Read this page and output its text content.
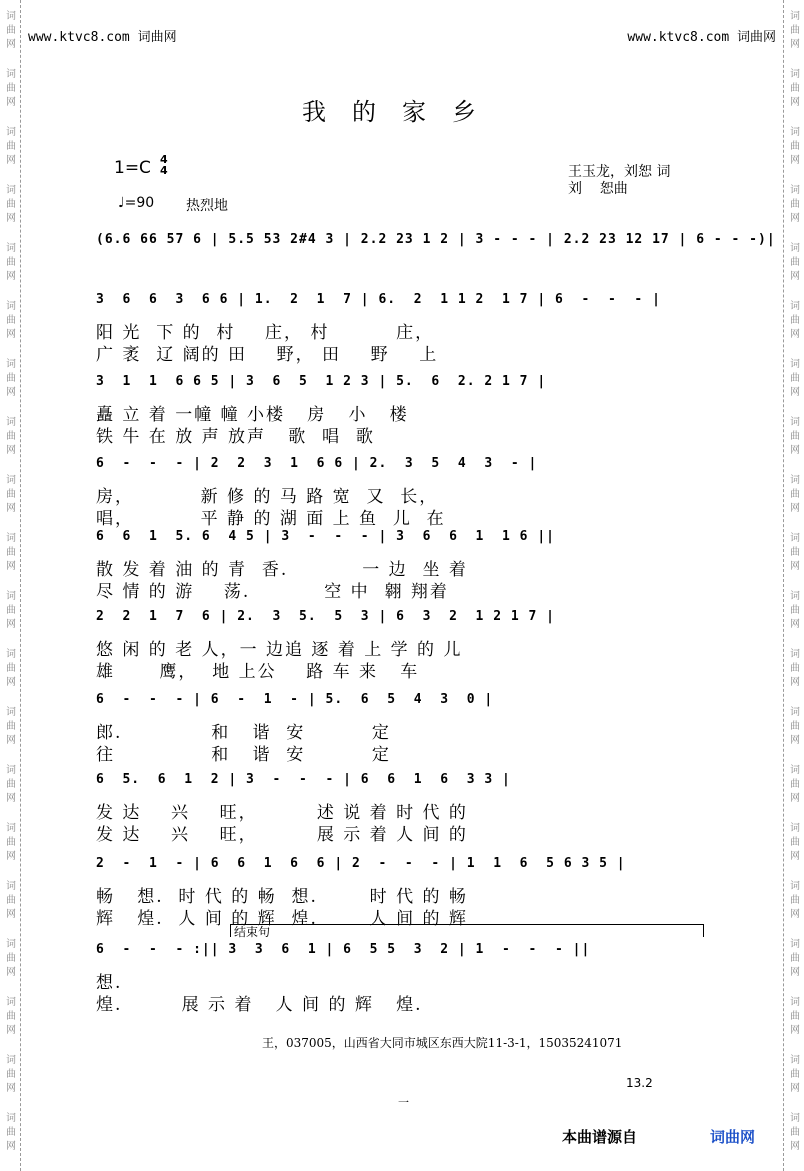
词
曲
网
词
曲
网
词
曲
网
词
曲
网
词
曲
网
词
曲
网
词
曲
网
词
曲
网
词
曲
网
词
曲
网
词
曲
网
词
曲
网
词
曲
网
词
曲
网
词
曲
网
词
曲
网
词
曲
网
词
曲
网
词
曲
网
词
曲
网
词
曲
网
词
曲
网
词
曲
网
词
曲
网
词
曲
网
词
曲
网
词
曲
网
词
曲
网
词
曲
网
词
曲
网
词
曲
网
词
曲
网
词
曲
网
词
曲
网
词
曲
网
词
曲
网
词
曲
网
词
曲
网
词
曲
网
词
曲
网
www.ktvc8.com 词曲网	www.ktvc8.com 词曲网
我的家乡
1=C 4
4
♩=90 热烈地
王玉龙，刘恕 词
刘    恕曲
(6.6 66 57 6 | 5.5 53 2#4 3 | 2.2 23 1 2 | 3 - - - | 2.2 23 12 17 | 6 - - -)|
3  6  6  3  6 6 | 1.  2  1  7 | 6.  2  1 1 2  1 7 | 6  -  -  - |
阳 光  下 的  村    庄， 村         庄，
广 袤  辽 阔的 田    野， 田    野    上
3  1  1  6 6 5 | 3  6  5  1 2 3 | 5.  6  2. 2 1 7 |
矗 立 着 一幢 幢 小楼   房   小   楼
铁 牛 在 放 声 放声   歌  唱  歌
6  -  -  - | 2  2  3  1  6 6 | 2.  3  5  4  3  - |
房，         新 修 的 马 路 宽  又  长，
唱，         平 静 的 湖 面 上 鱼  儿  在
6  6  1  5. 6  4 5 | 3  -  -  - | 3  6  6  1  1 6 ||
散 发 着 油 的 青  香.          一 边  坐 着
尽 情 的 游    荡.          空 中  翱 翔着
2  2  1  7  6 | 2.  3  5.  5  3 | 6  3  2  1 2 1 7 |
悠 闲 的 老 人，一 边追 逐 着 上 学 的 儿
雄      鹰，  地 上公    路 车 来   车
6  -  -  - | 6  -  1  - | 5.  6  5  4  3  0 |
郎.            和   谐  安         定
往             和   谐  安         定
6  5.  6  1  2 | 3  -  -  - | 6  6  1  6  3 3 |
发 达    兴    旺，        述 说 着 时 代 的
发 达    兴    旺，        展 示 着 人 间 的
2  -  1  - | 6  6  1  6  6 | 2  -  -  - | 1  1  6  5 6 3 5 |
畅   想.  时 代 的 畅  想.       时 代 的 畅
辉   煌.  人 间 的 辉  煌.       人 间 的 辉
6  -  -  - :|| 3  3  6  1 | 6  5 5  3  2 | 1  -  -  - ||
想.
煌.        展 示 着   人 间 的 辉   煌.
结束句
王，037005，山西省大同市城区东西大院11-3-1，15035241071
13.2
一
本曲谱源自	词曲网
